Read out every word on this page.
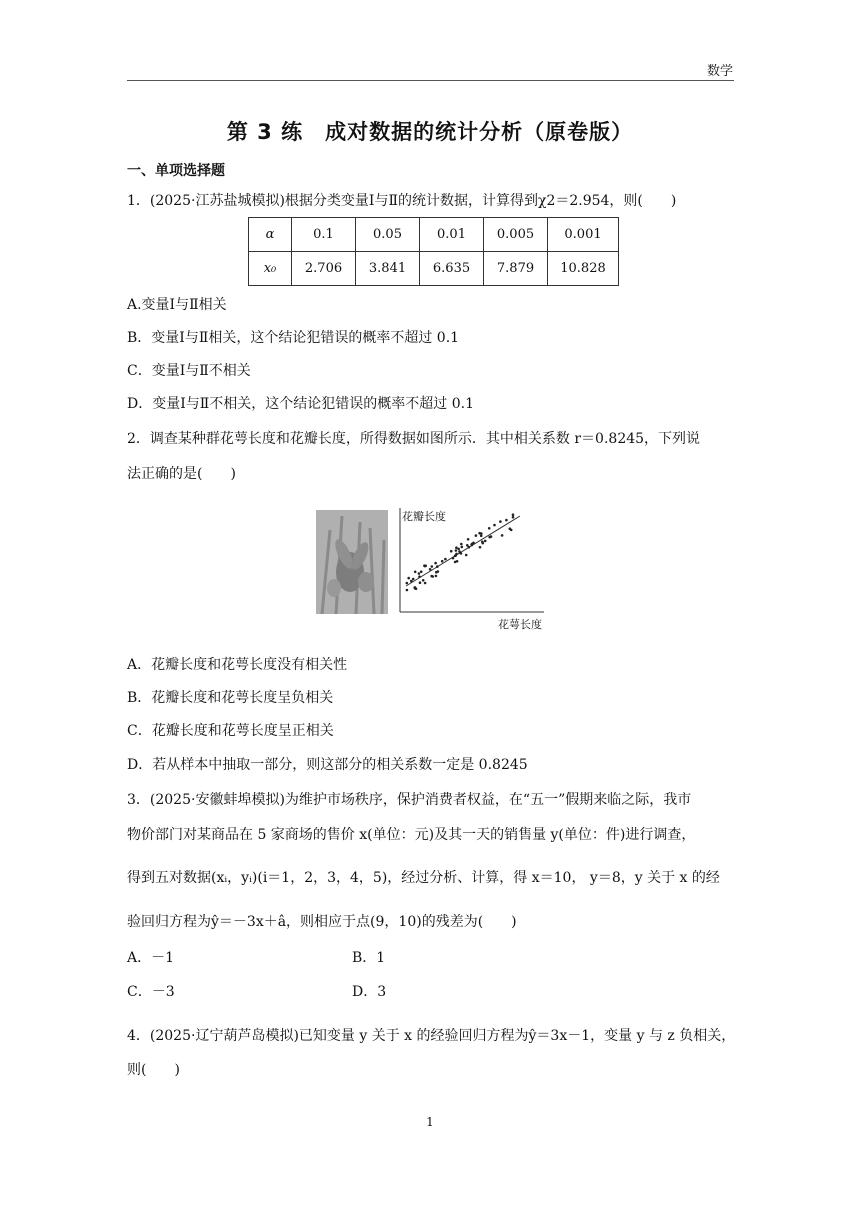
数学
第 3 练　成对数据的统计分析（原卷版）
一、单项选择题
1．(2025·江苏盐城模拟)根据分类变量Ⅰ与Ⅱ的统计数据，计算得到χ2＝2.954，则(　　)
α	0.1	0.05	0.01	0.005	0.001
x₀	2.706	3.841	6.635	7.879	10.828
A.变量Ⅰ与Ⅱ相关
B．变量Ⅰ与Ⅱ相关，这个结论犯错误的概率不超过 0.1
C．变量Ⅰ与Ⅱ不相关
D．变量Ⅰ与Ⅱ不相关，这个结论犯错误的概率不超过 0.1
2．调查某种群花萼长度和花瓣长度，所得数据如图所示．其中相关系数 r＝0.8245，下列说
法正确的是(　　)
花瓣长度
花萼长度
A．花瓣长度和花萼长度没有相关性
B．花瓣长度和花萼长度呈负相关
C．花瓣长度和花萼长度呈正相关
D．若从样本中抽取一部分，则这部分的相关系数一定是 0.8245
3．(2025·安徽蚌埠模拟)为维护市场秩序，保护消费者权益，在“五一”假期来临之际，我市
物价部门对某商品在 5 家商场的售价 x(单位：元)及其一天的销售量 y(单位：件)进行调查，
得到五对数据(xᵢ，yᵢ)(i＝1，2，3，4，5)，经过分析、计算，得 x＝10， y＝8，y 关于 x 的经
验回归方程为ŷ＝－3x＋â，则相应于点(9，10)的残差为(　　)
A．－1	B．1
C．－3	D．3
4．(2025·辽宁葫芦岛模拟)已知变量 y 关于 x 的经验回归方程为ŷ＝3x－1，变量 y 与 z 负相关，
则(　　)
1
